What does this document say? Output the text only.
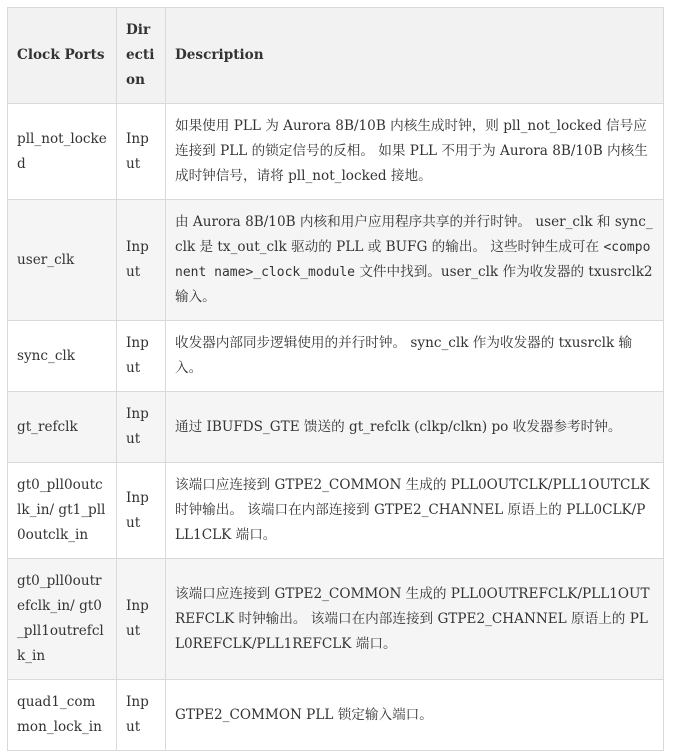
Clock Ports	Direction	Description
pll_not_locked	Input	如果使用 PLL 为 Aurora 8B/10B 内核生成时钟，则 pll_not_locked 信号应连接到 PLL 的锁定信号的反相。 如果 PLL 不用于为 Aurora 8B/10B 内核生成时钟信号，请将 pll_not_locked 接地。
user_clk	Input	由 Aurora 8B/10B 内核和用户应用程序共享的并行时钟。 user_clk 和 sync_clk 是 tx_out_clk 驱动的 PLL 或 BUFG 的输出。 这些时钟生成可在 <component name>_clock_module 文件中找到。user_clk 作为收发器的 txusrclk2 输入。
sync_clk	Input	收发器内部同步逻辑使用的并行时钟。 sync_clk 作为收发器的 txusrclk 输入。
gt_refclk	Input	通过 IBUFDS_GTE 馈送的 gt_refclk (clkp/clkn) po 收发器参考时钟。
gt0_pll0outclk_in/ gt1_pll0outclk_in	Input	该端口应连接到 GTPE2_COMMON 生成的 PLL0OUTCLK/PLL1OUTCLK 时钟输出。 该端口在内部连接到 GTPE2_CHANNEL 原语上的 PLL0CLK/PLL1CLK 端口。
gt0_pll0outrefclk_in/ gt0_pll1outrefclk_in	Input	该端口应连接到 GTPE2_COMMON 生成的 PLL0OUTREFCLK/PLL1OUTREFCLK 时钟输出。 该端口在内部连接到 GTPE2_CHANNEL 原语上的 PLL0REFCLK/PLL1REFCLK 端口。
quad1_common_lock_in	Input	GTPE2_COMMON PLL 锁定输入端口。
